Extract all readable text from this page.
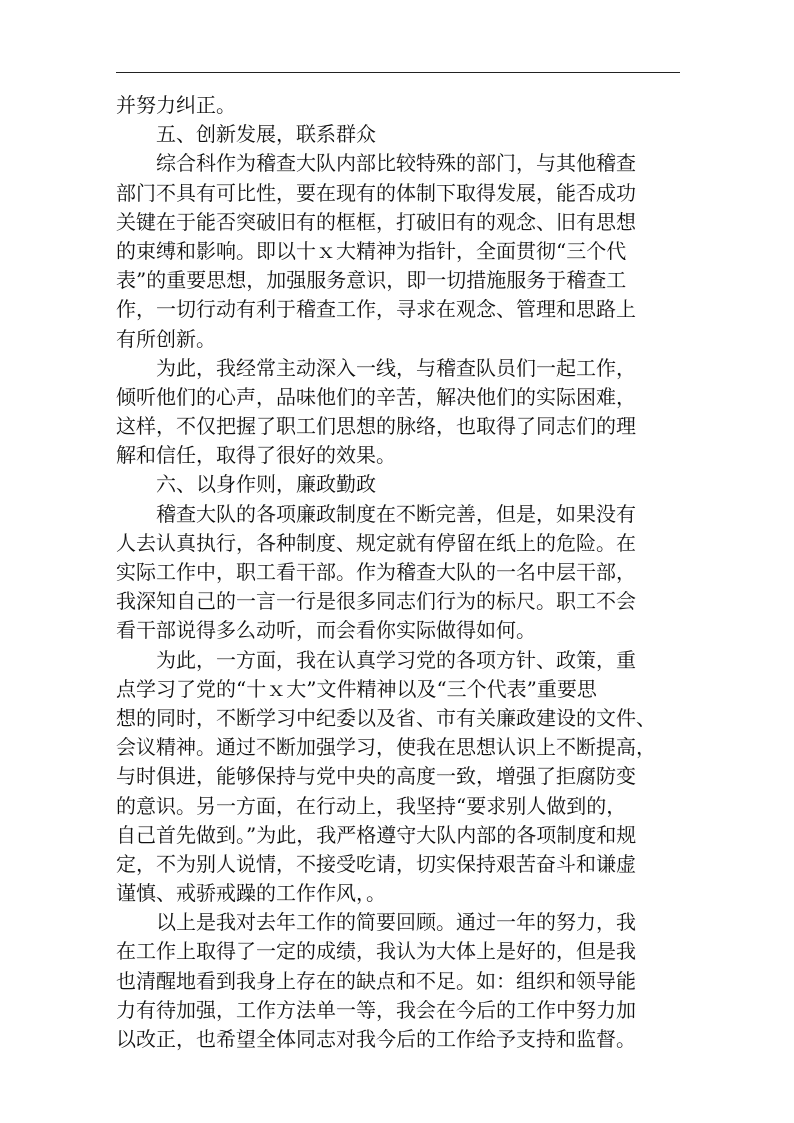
并努力纠正。
五、创新发展，联系群众
综合科作为稽查大队内部比较特殊的部门，与其他稽查
部门不具有可比性，要在现有的体制下取得发展，能否成功
关键在于能否突破旧有的框框，打破旧有的观念、旧有思想
的束缚和影响。即以十ｘ大精神为指针，全面贯彻“三个代
表”的重要思想，加强服务意识，即一切措施服务于稽查工
作，一切行动有利于稽查工作，寻求在观念、管理和思路上
有所创新。
为此，我经常主动深入一线，与稽查队员们一起工作，
倾听他们的心声，品味他们的辛苦，解决他们的实际困难，
这样，不仅把握了职工们思想的脉络，也取得了同志们的理
解和信任，取得了很好的效果。
六、以身作则，廉政勤政
稽查大队的各项廉政制度在不断完善，但是，如果没有
人去认真执行，各种制度、规定就有停留在纸上的危险。在
实际工作中，职工看干部。作为稽查大队的一名中层干部，
我深知自己的一言一行是很多同志们行为的标尺。职工不会
看干部说得多么动听，而会看你实际做得如何。
为此，一方面，我在认真学习党的各项方针、政策，重
点学习了党的“十ｘ大”文件精神以及“三个代表”重要思
想的同时，不断学习中纪委以及省、市有关廉政建设的文件、
会议精神。通过不断加强学习，使我在思想认识上不断提高，
与时俱进，能够保持与党中央的高度一致，增强了拒腐防变
的意识。另一方面，在行动上，我坚持“要求别人做到的，
自己首先做到。”为此，我严格遵守大队内部的各项制度和规
定，不为别人说情，不接受吃请，切实保持艰苦奋斗和谦虚
谨慎、戒骄戒躁的工作作风，。
以上是我对去年工作的简要回顾。通过一年的努力，我
在工作上取得了一定的成绩，我认为大体上是好的，但是我
也清醒地看到我身上存在的缺点和不足。如：组织和领导能
力有待加强，工作方法单一等，我会在今后的工作中努力加
以改正，也希望全体同志对我今后的工作给予支持和监督。
